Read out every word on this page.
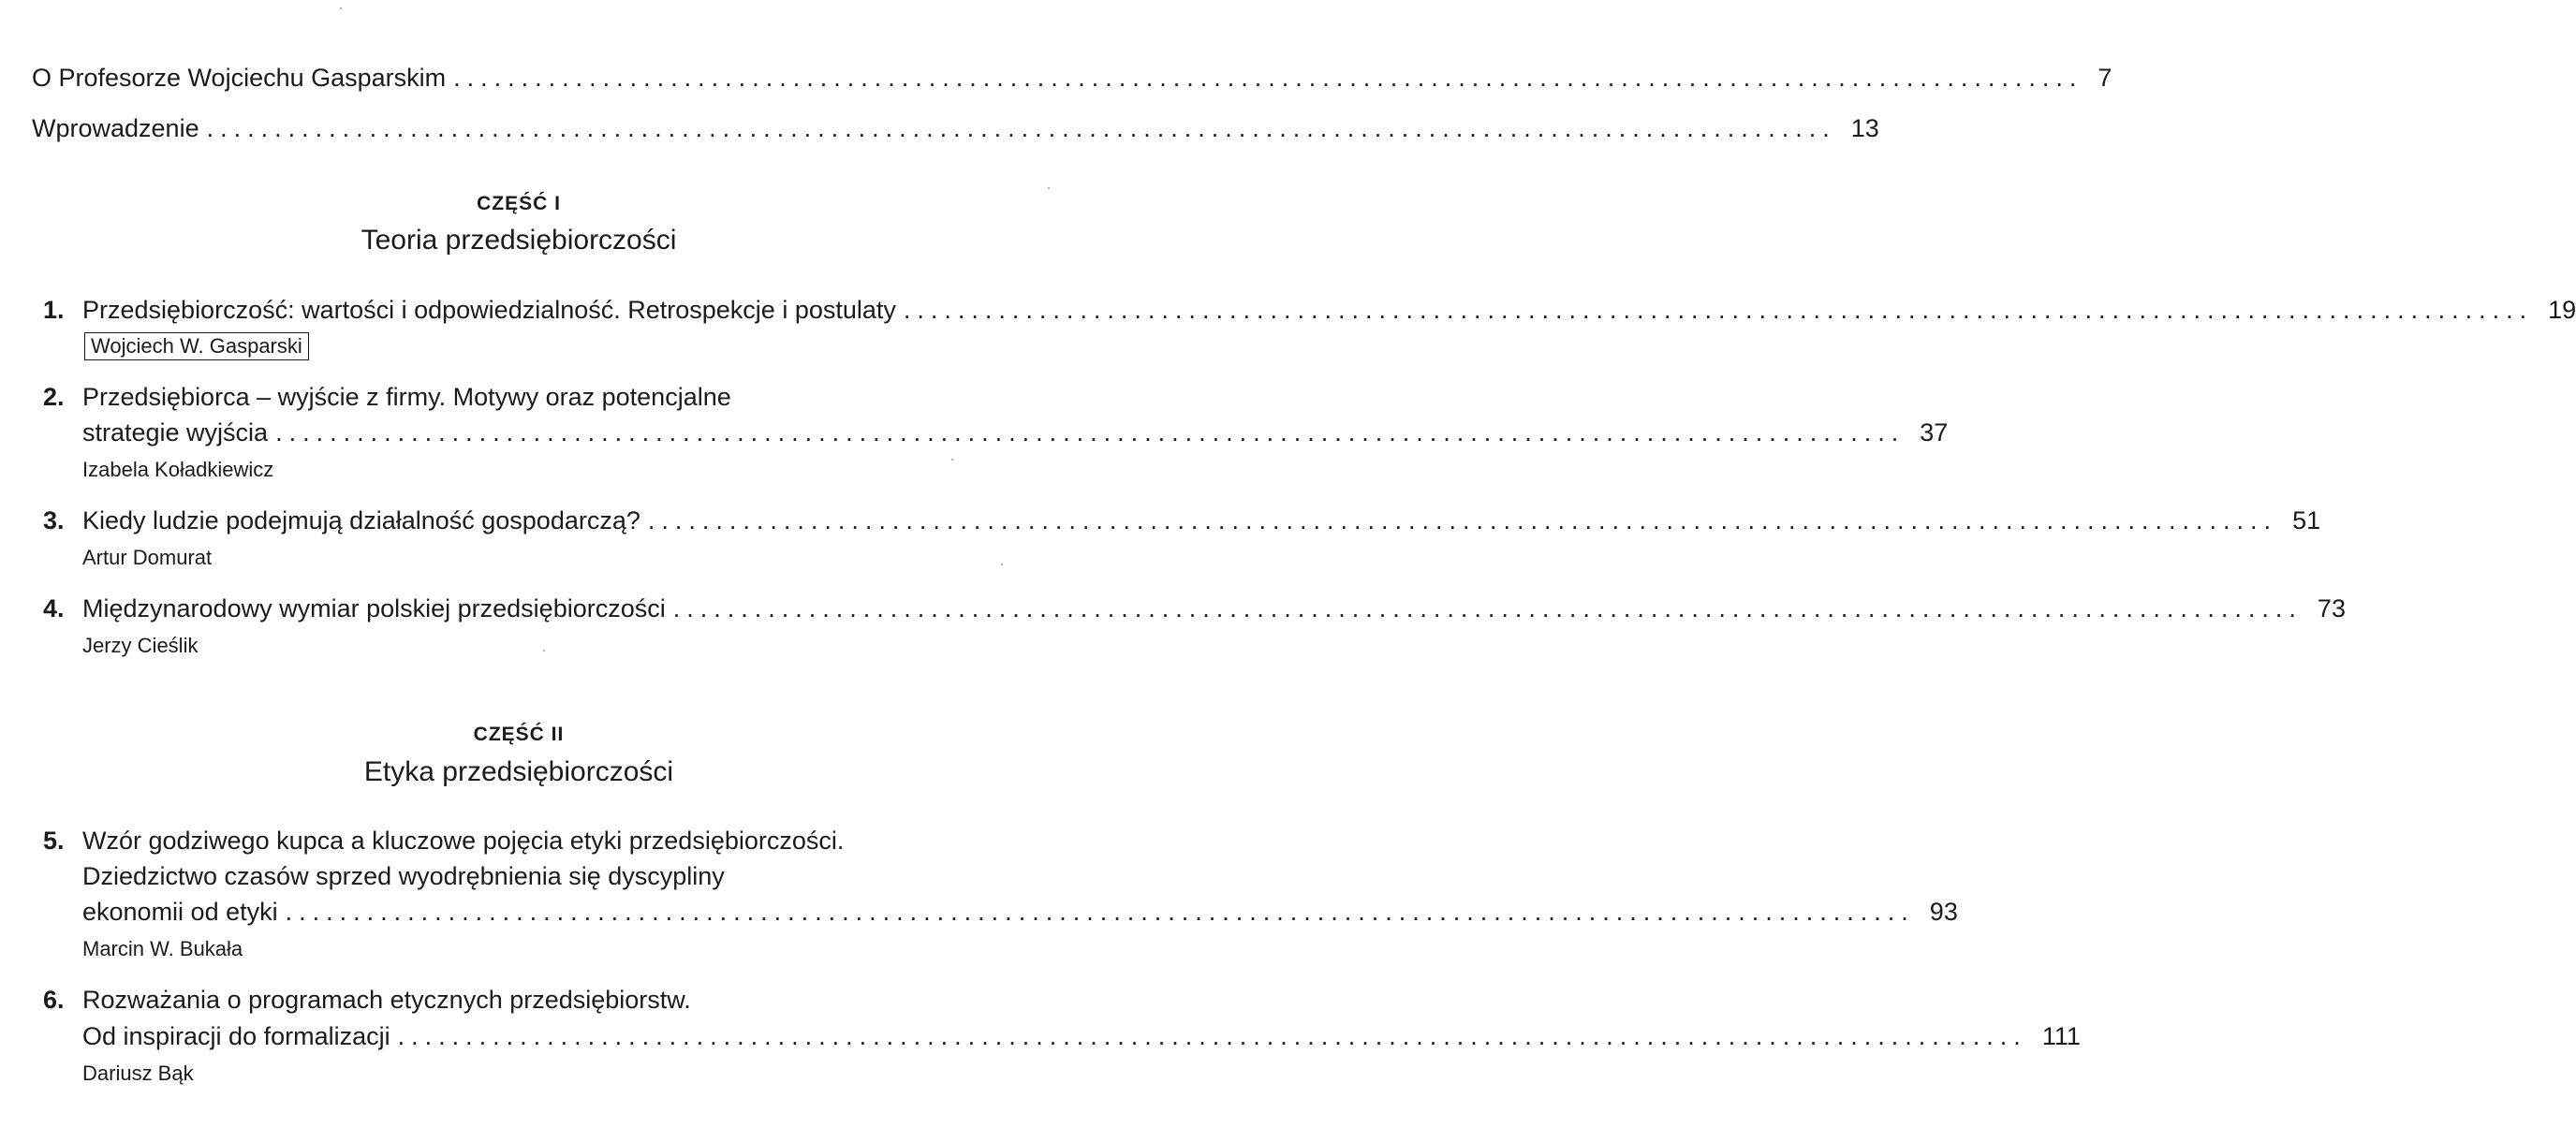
O Profesorze Wojciechu Gasparskim ........................................................................................................................ 7
Wprowadzenie ........................................................................................................................ 13
CZĘŚĆ I
Teoria przedsiębiorczości
1. Przedsiębiorczość: wartości i odpowiedzialność. Retrospekcje i postulaty ........................................................................................................................ 19
Wojciech W. Gasparski
2. Przedsiębiorca – wyjście z firmy. Motywy oraz potencjalne
strategie wyjścia ........................................................................................................................ 37
Izabela Koładkiewicz
3. Kiedy ludzie podejmują działalność gospodarczą? ........................................................................................................................ 51
Artur Domurat
4. Międzynarodowy wymiar polskiej przedsiębiorczości ........................................................................................................................ 73
Jerzy Cieślik
CZĘŚĆ II
Etyka przedsiębiorczości
5. Wzór godziwego kupca a kluczowe pojęcia etyki przedsiębiorczości.
Dziedzictwo czasów sprzed wyodrębnienia się dyscypliny
ekonomii od etyki ........................................................................................................................ 93
Marcin W. Bukała
6. Rozważania o programach etycznych przedsiębiorstw.
Od inspiracji do formalizacji ........................................................................................................................ 111
Dariusz Bąk
